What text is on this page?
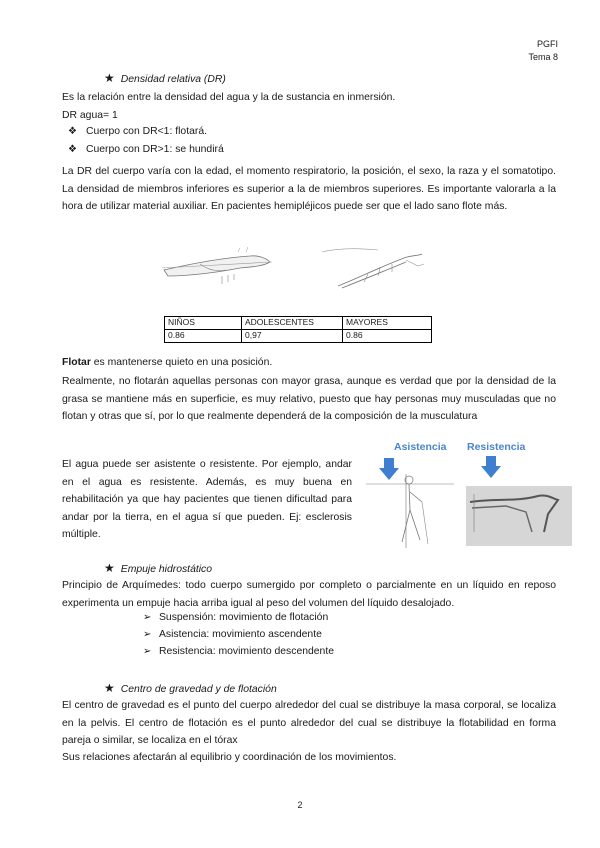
PGFI
Tema 8
★ Densidad relativa (DR)
Es la relación entre la densidad del agua y la de sustancia en inmersión.
DR agua= 1
❖ Cuerpo con DR<1: flotará.
❖ Cuerpo con DR>1: se hundirá
La DR del cuerpo varía con la edad, el momento respiratorio, la posición, el sexo, la raza y el somatotipo. La densidad de miembros inferiores es superior a la de miembros superiores. Es importante valorarla a la hora de utilizar material auxiliar. En pacientes hemipléjicos puede ser que el lado sano flote más.
NIÑOS	ADOLESCENTES	MAYORES
0.86	0,97	0.86
Flotar es mantenerse quieto en una posición.
Realmente, no flotarán aquellas personas con mayor grasa, aunque es verdad que por la densidad de la grasa se mantiene más en superficie, es muy relativo, puesto que hay personas muy musculadas que no flotan y otras que sí, por lo que realmente dependerá de la composición de la musculatura
El agua puede ser asistente o resistente. Por ejemplo, andar en el agua es resistente. Además, es muy buena en rehabilitación ya que hay pacientes que tienen dificultad para andar por la tierra, en el agua sí que pueden. Ej: esclerosis múltiple.
Asistencia Resistencia
★ Empuje hidrostático
Principio de Arquímedes: todo cuerpo sumergido por completo o parcialmente en un líquido en reposo experimenta un empuje hacia arriba igual al peso del volumen del líquido desalojado.
➢ Suspensión: movimiento de flotación
➢ Asistencia: movimiento ascendente
➢ Resistencia: movimiento descendente
★ Centro de gravedad y de flotación
El centro de gravedad es el punto del cuerpo alrededor del cual se distribuye la masa corporal, se localiza en la pelvis. El centro de flotación es el punto alrededor del cual se distribuye la flotabilidad en forma pareja o similar, se localiza en el tórax
Sus relaciones afectarán al equilibrio y coordinación de los movimientos.
2
